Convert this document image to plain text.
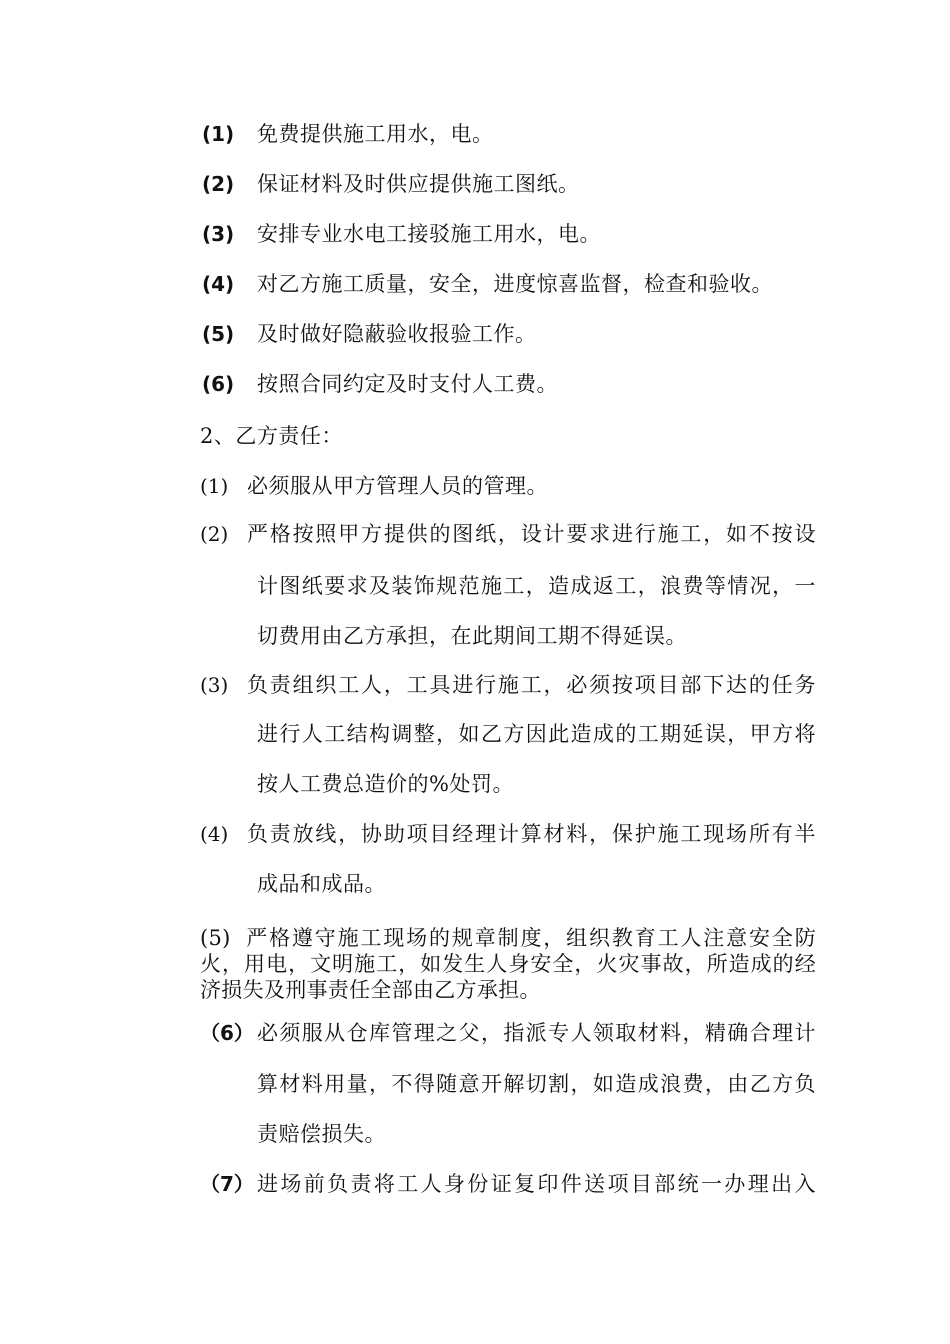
(1) 免费提供施工用水，电。
(2) 保证材料及时供应提供施工图纸。
(3) 安排专业水电工接驳施工用水，电。
(4) 对乙方施工质量，安全，进度惊喜监督，检查和验收。
(5) 及时做好隐蔽验收报验工作。
(6) 按照合同约定及时支付人工费。
2、乙方责任：
(1) 必须服从甲方管理人员的管理。
(2) 严格按照甲方提供的图纸，设计要求进行施工，如不按设
计图纸要求及装饰规范施工，造成返工，浪费等情况，一
切费用由乙方承担，在此期间工期不得延误。
(3) 负责组织工人，工具进行施工，必须按项目部下达的任务
进行人工结构调整，如乙方因此造成的工期延误，甲方将
按人工费总造价的%处罚。
(4) 负责放线，协助项目经理计算材料，保护施工现场所有半
成品和成品。
(5) 严格遵守施工现场的规章制度，组织教育工人注意安全防火，用电，文明施工，如发生人身安全，火灾事故，所造成的经济损失及刑事责任全部由乙方承担。
（6） 必须服从仓库管理之父，指派专人领取材料，精确合理计
算材料用量，不得随意开解切割，如造成浪费，由乙方负
责赔偿损失。
（7） 进场前负责将工人身份证复印件送项目部统一办理出入
